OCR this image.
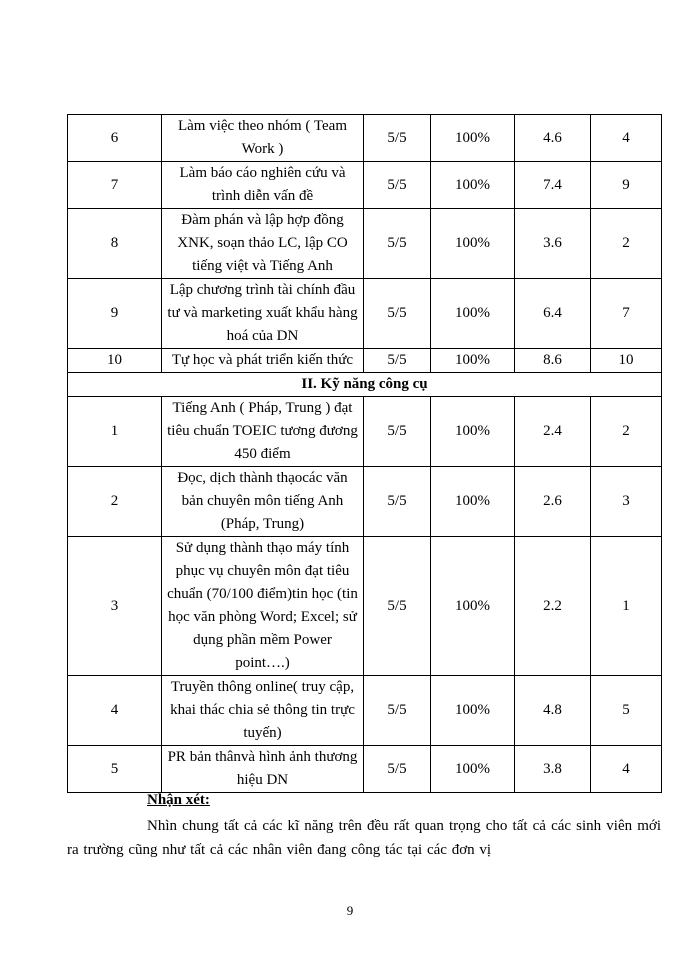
6	Làm việc theo nhóm ( Team Work )	5/5	100%	4.6	4
7	Làm báo cáo nghiên cứu và trình diễn vấn đề	5/5	100%	7.4	9
8	Đàm phán và lập hợp đồng XNK, soạn thảo LC, lập CO tiếng việt và Tiếng Anh	5/5	100%	3.6	2
9	Lập chương trình tài chính đầu tư và marketing xuất khẩu hàng hoá của DN	5/5	100%	6.4	7
10	Tự học và phát triển kiến thức	5/5	100%	8.6	10
II. Kỹ năng công cụ					
1	Tiếng Anh ( Pháp, Trung ) đạt tiêu chuẩn TOEIC tương đương 450 điểm	5/5	100%	2.4	2
2	Đọc, dịch thành thạocác văn bản chuyên môn tiếng Anh (Pháp, Trung)	5/5	100%	2.6	3
3	Sử dụng thành thạo máy tính phục vụ chuyên môn đạt tiêu chuẩn (70/100 điểm)tin học (tin học văn phòng Word; Excel; sử dụng phần mềm Power point….)	5/5	100%	2.2	1
4	Truyền thông online( truy cập, khai thác chia sẻ thông tin trực tuyến)	5/5	100%	4.8	5
5	PR bản thânvà hình ảnh thương hiệu DN	5/5	100%	3.8	4
Nhận xét:

Nhìn chung tất cả các kĩ năng trên đều rất quan trọng cho tất cả các sinh viên mới ra trường cũng như tất cả các nhân viên đang công tác tại các đơn vị

9
